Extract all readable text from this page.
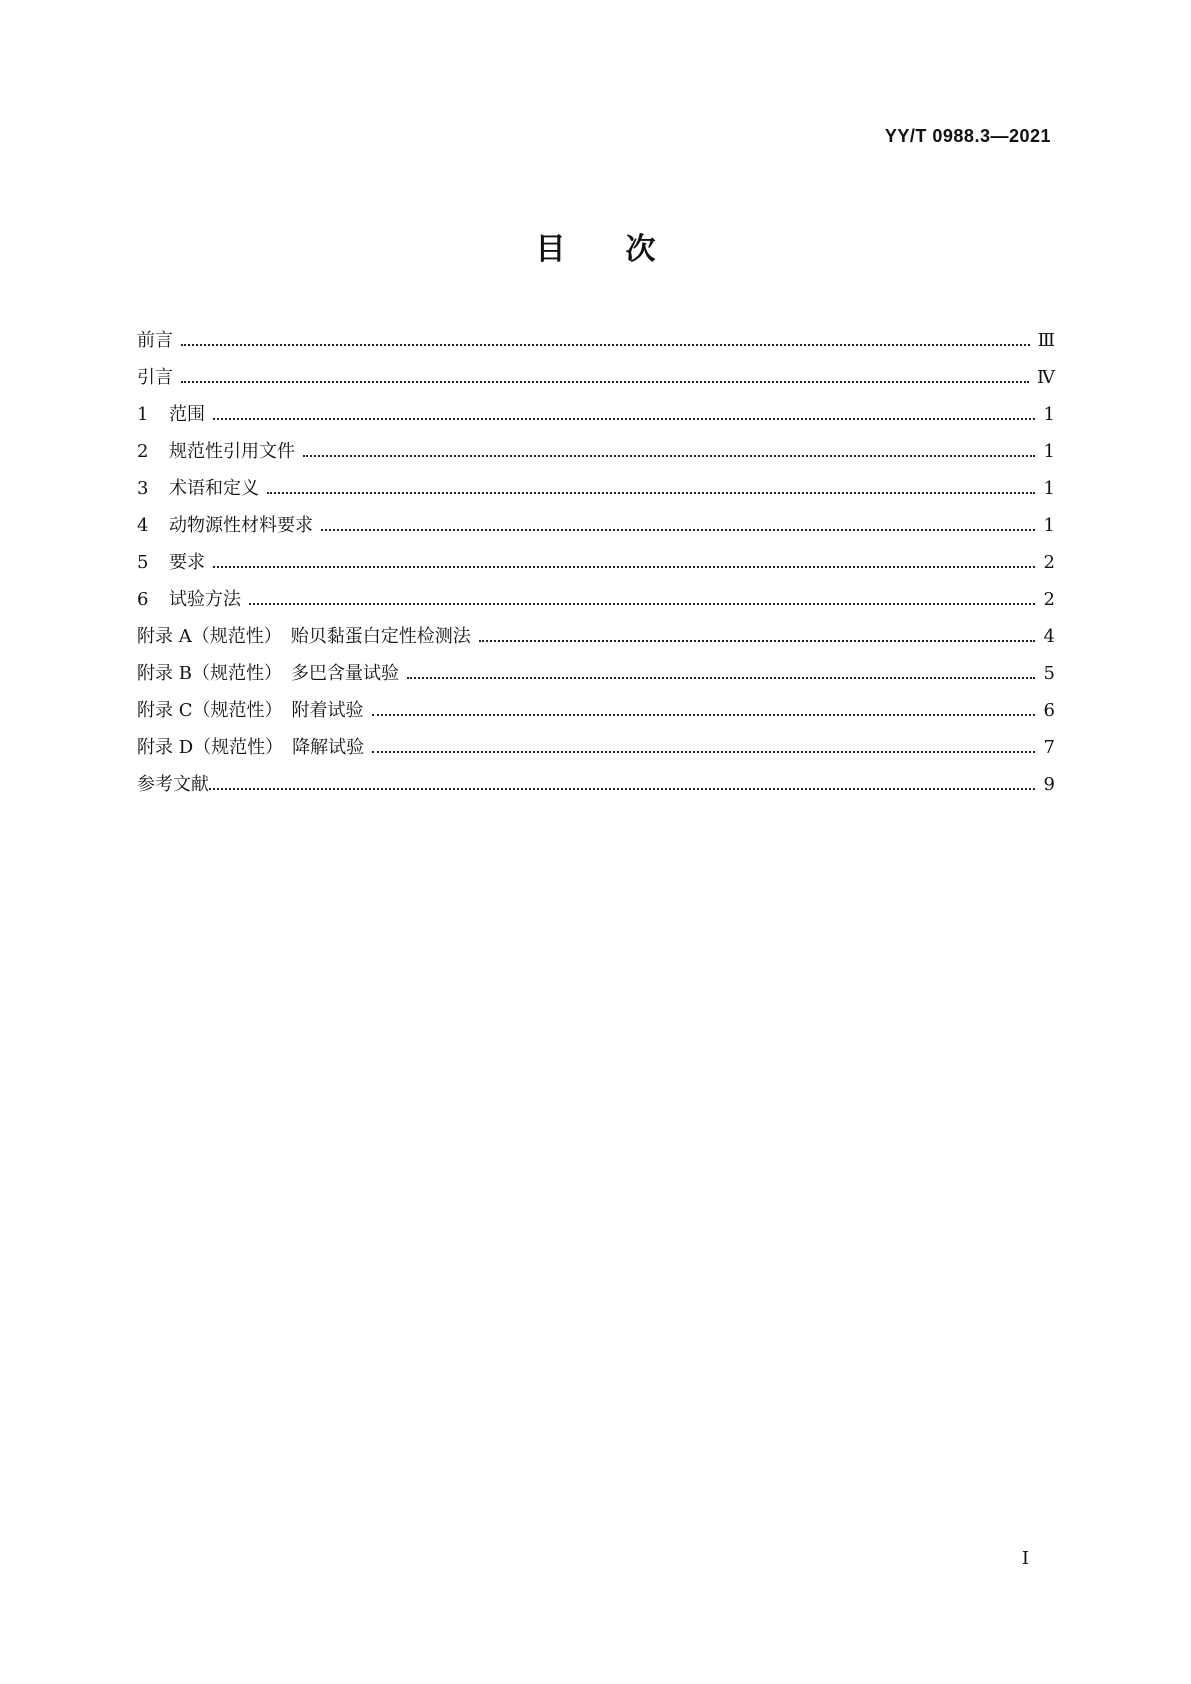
YY/T 0988.3—2021
目　　次
前言	Ⅲ
引言	Ⅳ
1	范围	1
2	规范性引用文件	1
3	术语和定义	1
4	动物源性材料要求	1
5	要求	2
6	试验方法	2
附录 A（规范性）　贻贝黏蛋白定性检测法	4
附录 B（规范性）　多巴含量试验	5
附录 C（规范性）　附着试验	6
附录 D（规范性）　降解试验	7
参考文献	9
Ⅰ
